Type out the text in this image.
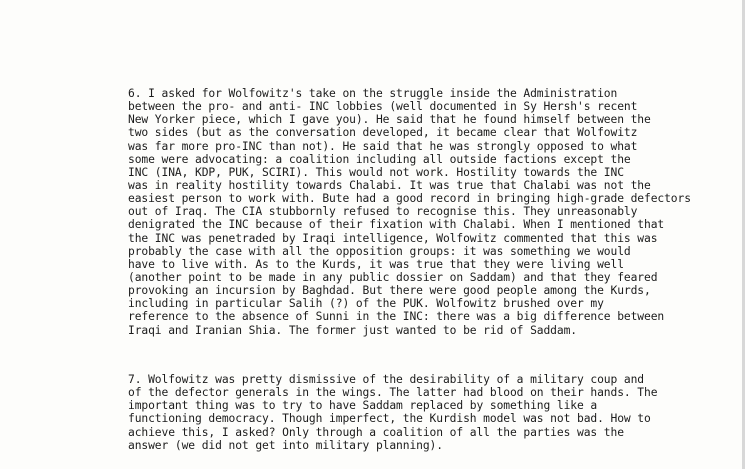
6. I asked for Wolfowitz's take on the struggle inside the Administration
between the pro- and anti- INC lobbies (well documented in Sy Hersh's recent
New Yorker piece, which I gave you). He said that he found himself between the
two sides (but as the conversation developed, it became clear that Wolfowitz
was far more pro-INC than not). He said that he was strongly opposed to what
some were advocating: a coalition including all outside factions except the
INC (INA, KDP, PUK, SCIRI). This would not work. Hostility towards the INC
was in reality hostility towards Chalabi. It was true that Chalabi was not the
easiest person to work with. Bute had a good record in bringing high-grade defectors
out of Iraq. The CIA stubbornly refused to recognise this. They unreasonably
denigrated the INC because of their fixation with Chalabi. When I mentioned that
the INC was penetraded by Iraqi intelligence, Wolfowitz commented that this was
probably the case with all the opposition groups: it was something we would
have to live with. As to the Kurds, it was true that they were living well
(another point to be made in any public dossier on Saddam) and that they feared
provoking an incursion by Baghdad. But there were good people among the Kurds,
including in particular Salih (?) of the PUK. Wolfowitz brushed over my
reference to the absence of Sunni in the INC: there was a big difference between
Iraqi and Iranian Shia. The former just wanted to be rid of Saddam.
7. Wolfowitz was pretty dismissive of the desirability of a military coup and
of the defector generals in the wings. The latter had blood on their hands. The
important thing was to try to have Saddam replaced by something like a
functioning democracy. Though imperfect, the Kurdish model was not bad. How to
achieve this, I asked? Only through a coalition of all the parties was the
answer (we did not get into military planning).
